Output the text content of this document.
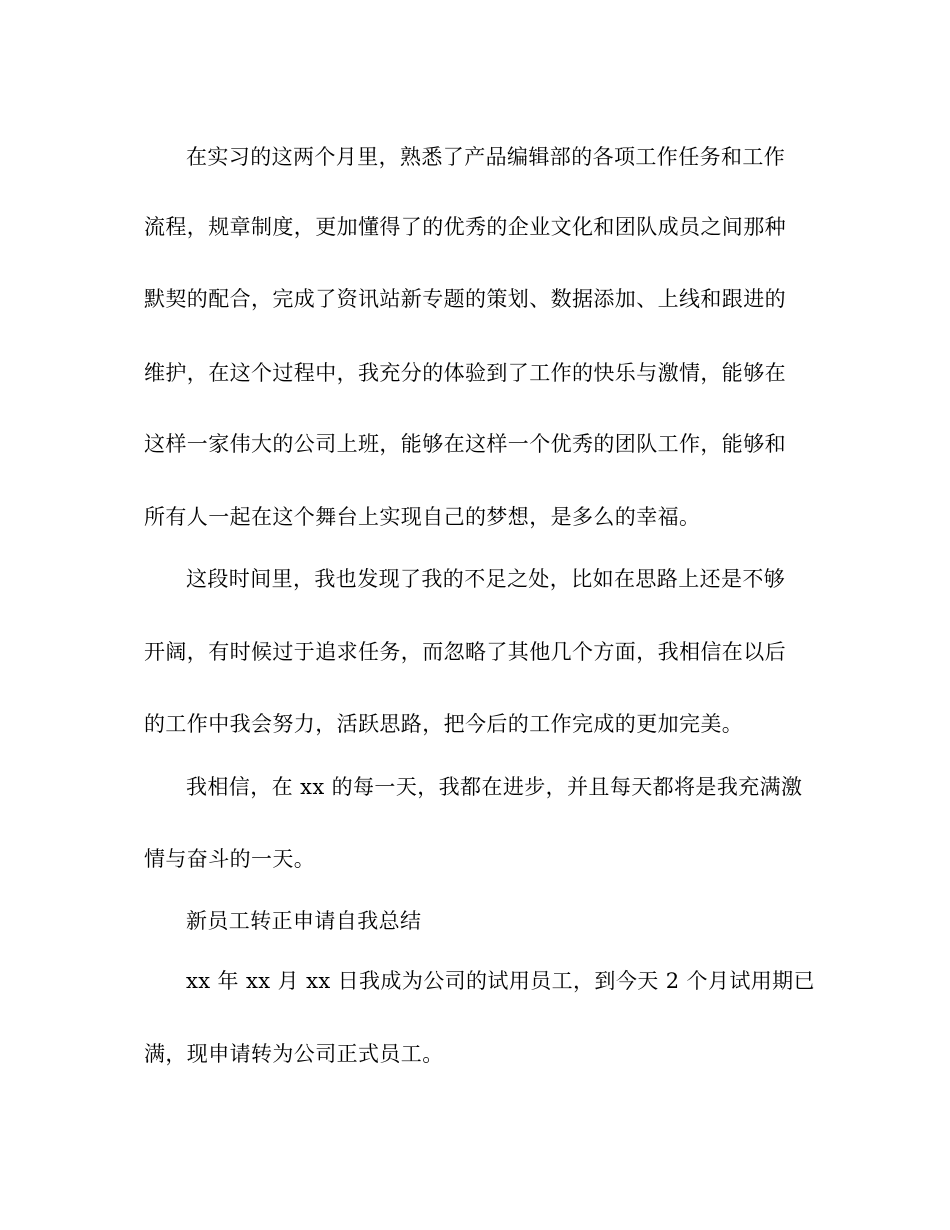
在实习的这两个月里，熟悉了产品编辑部的各项工作任务和工作
流程，规章制度，更加懂得了的优秀的企业文化和团队成员之间那种
默契的配合，完成了资讯站新专题的策划、数据添加、上线和跟进的
维护，在这个过程中，我充分的体验到了工作的快乐与激情，能够在
这样一家伟大的公司上班，能够在这样一个优秀的团队工作，能够和
所有人一起在这个舞台上实现自己的梦想，是多么的幸福。
这段时间里，我也发现了我的不足之处，比如在思路上还是不够
开阔，有时候过于追求任务，而忽略了其他几个方面，我相信在以后
的工作中我会努力，活跃思路，把今后的工作完成的更加完美。
我相信，在 xx 的每一天，我都在进步，并且每天都将是我充满激
情与奋斗的一天。
新员工转正申请自我总结
xx 年 xx 月 xx 日我成为公司的试用员工，到今天 2 个月试用期已
满，现申请转为公司正式员工。
